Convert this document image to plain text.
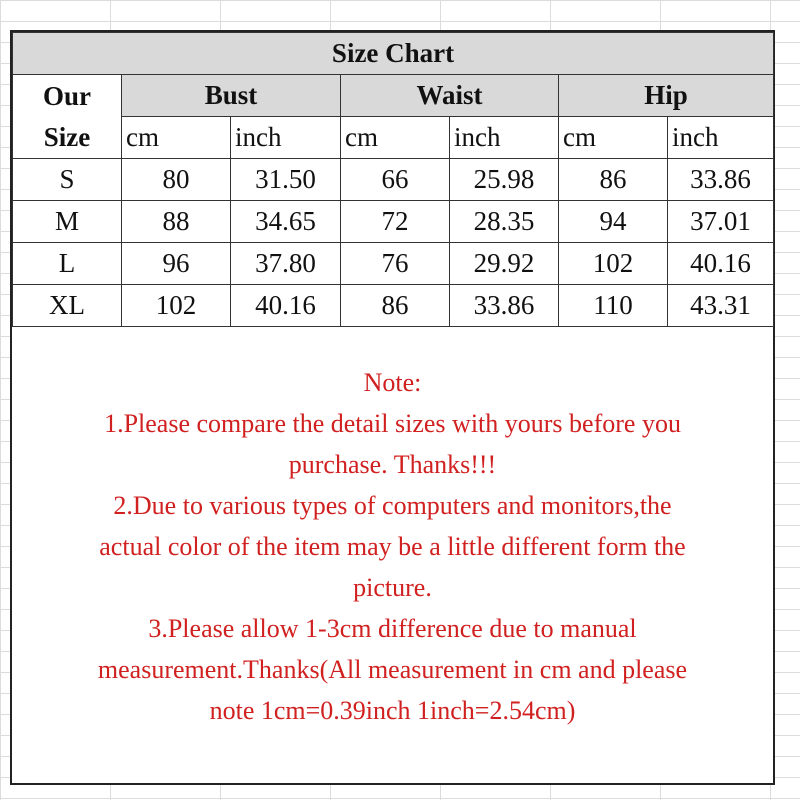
Size Chart						

Our
Size	Bust		Waist		Hip	
	cm	inch	cm	inch	cm	inch
S	80	31.50	66	25.98	86	33.86
M	88	34.65	72	28.35	94	37.01
L	96	37.80	76	29.92	102	40.16
XL	102	40.16	86	33.86	110	43.31
Note:
1.Please compare the detail sizes with yours before you
purchase. Thanks!!!
2.Due to various types of computers and monitors,the
actual color of the item may be a little different form the
picture.
3.Please allow 1-3cm difference due to manual
measurement.Thanks(All measurement in cm and please
note 1cm=0.39inch 1inch=2.54cm)
